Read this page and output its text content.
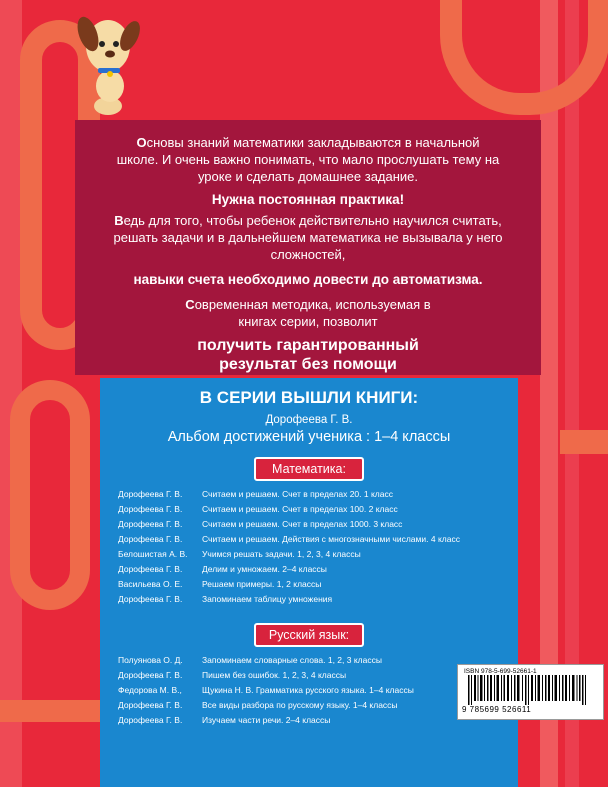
Основы знаний математики закладываются в начальной школе. И очень важно понимать, что мало прослушать тему на уроке и сделать домашнее задание.

Нужна постоянная практика!

Ведь для того, чтобы ребенок действительно научился считать, решать задачи и в дальнейшем математика не вызывала у него сложностей,

навыки счета необходимо довести до автоматизма.

Современная методика, используемая в книгах серии, позволит

получить гарантированный результат без помощи

В СЕРИИ ВЫШЛИ КНИГИ:
Дорофеева Г. В.
Альбом достижений ученика : 1–4 классы
Математика:
Дорофеева Г. В.	Считаем и решаем. Счет в пределах 20. 1 класс
Дорофеева Г. В.	Считаем и решаем. Счет в пределах 100. 2 класс
Дорофеева Г. В.	Считаем и решаем. Счет в пределах 1000. 3 класс
Дорофеева Г. В.	Считаем и решаем. Действия с многозначными числами. 4 класс
Белошистая А. В.	Учимся решать задачи. 1, 2, 3, 4 классы
Дорофеева Г. В.	Делим и умножаем. 2–4 классы
Васильева О. Е.	Решаем примеры. 1, 2 классы
Дорофеева Г. В.	Запоминаем таблицу умножения
Русский язык:
Полуянова О. Д.	Запоминаем словарные слова. 1, 2, 3 классы
Дорофеева Г. В.	Пишем без ошибок. 1, 2, 3, 4 классы
Федорова М. В.,	Щукина Н. В. Грамматика русского языка. 1–4 классы
Дорофеева Г. В.	Все виды разбора по русскому языку. 1–4 классы
Дорофеева Г. В.	Изучаем части речи. 2–4 классы
ISBN 978-5-699-52661-1
9 785699 526611
